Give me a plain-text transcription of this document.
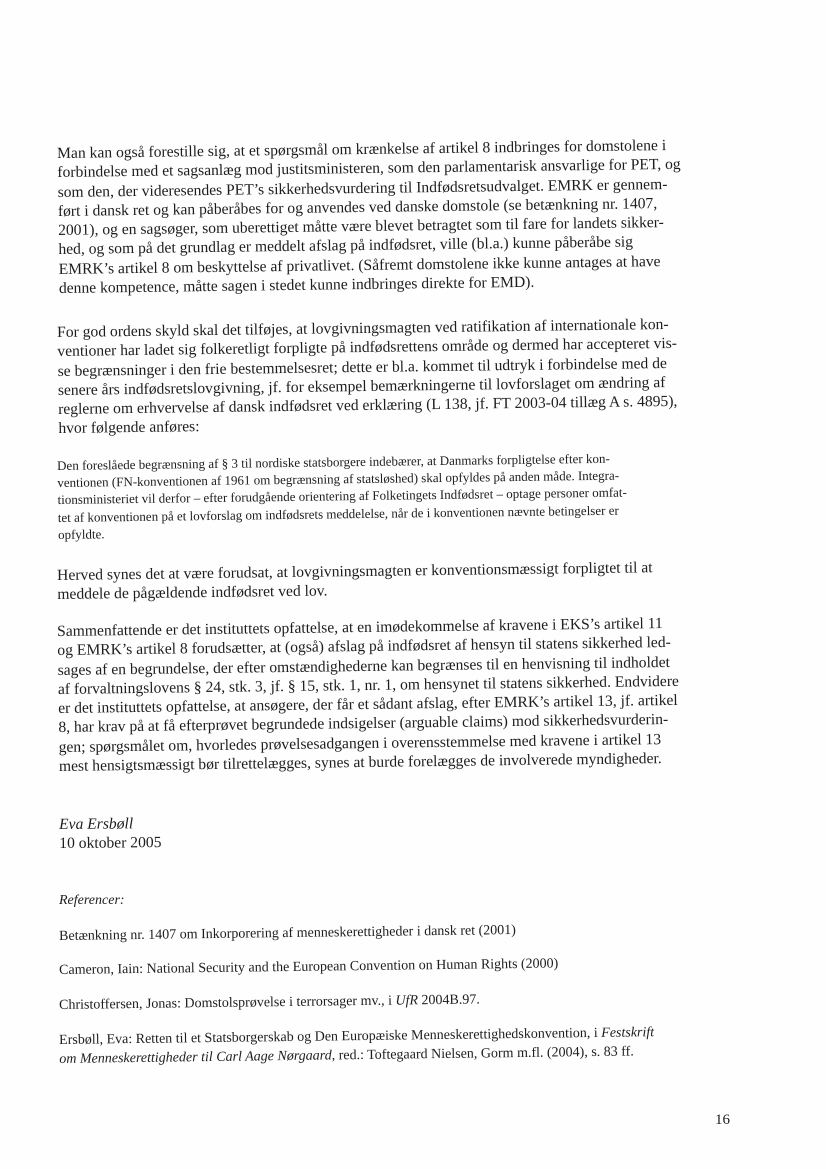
Man kan også forestille sig, at et spørgsmål om krænkelse af artikel 8 indbringes for domstolene i
forbindelse med et sagsanlæg mod justitsministeren, som den parlamentarisk ansvarlige for PET, og
som den, der videresendes PET’s sikkerhedsvurdering til Indfødsretsudvalget. EMRK er gennem-
ført i dansk ret og kan påberåbes for og anvendes ved danske domstole (se betænkning nr. 1407,
2001), og en sagsøger, som uberettiget måtte være blevet betragtet som til fare for landets sikker-
hed, og som på det grundlag er meddelt afslag på indfødsret, ville (bl.a.) kunne påberåbe sig
EMRK’s artikel 8 om beskyttelse af privatlivet. (Såfremt domstolene ikke kunne antages at have
denne kompetence, måtte sagen i stedet kunne indbringes direkte for EMD).

For god ordens skyld skal det tilføjes, at lovgivningsmagten ved ratifikation af internationale kon-
ventioner har ladet sig folkeretligt forpligte på indfødsrettens område og dermed har accepteret vis-
se begrænsninger i den frie bestemmelsesret; dette er bl.a. kommet til udtryk i forbindelse med de
senere års indfødsretslovgivning, jf. for eksempel bemærkningerne til lovforslaget om ændring af
reglerne om erhvervelse af dansk indfødsret ved erklæring (L 138, jf. FT 2003-04 tillæg A s. 4895),
hvor følgende anføres:

Den foreslåede begrænsning af § 3 til nordiske statsborgere indebærer, at Danmarks forpligtelse efter kon-
ventionen (FN-konventionen af 1961 om begrænsning af statsløshed) skal opfyldes på anden måde. Integra-
tionsministeriet vil derfor – efter forudgående orientering af Folketingets Indfødsret – optage personer omfat-
tet af konventionen på et lovforslag om indfødsrets meddelelse, når de i konventionen nævnte betingelser er
opfyldte.

Herved synes det at være forudsat, at lovgivningsmagten er konventionsmæssigt forpligtet til at
meddele de pågældende indfødsret ved lov.

Sammenfattende er det instituttets opfattelse, at en imødekommelse af kravene i EKS’s artikel 11
og EMRK’s artikel 8 forudsætter, at (også) afslag på indfødsret af hensyn til statens sikkerhed led-
sages af en begrundelse, der efter omstændighederne kan begrænses til en henvisning til indholdet
af forvaltningslovens § 24, stk. 3, jf. § 15, stk. 1, nr. 1, om hensynet til statens sikkerhed. Endvidere
er det instituttets opfattelse, at ansøgere, der får et sådant afslag, efter EMRK’s artikel 13, jf. artikel
8, har krav på at få efterprøvet begrundede indsigelser (arguable claims) mod sikkerhedsvurderin-
gen; spørgsmålet om, hvorledes prøvelsesadgangen i overensstemmelse med kravene i artikel 13
mest hensigtsmæssigt bør tilrettelægges, synes at burde forelægges de involverede myndigheder.

Eva Ersbøll
10 oktober 2005

Referencer:

Betænkning nr. 1407 om Inkorporering af menneskerettigheder i dansk ret (2001)

Cameron, Iain: National Security and the European Convention on Human Rights (2000)

Christoffersen, Jonas: Domstolsprøvelse i terrorsager mv., i UfR 2004B.97.

Ersbøll, Eva: Retten til et Statsborgerskab og Den Europæiske Menneskerettighedskonvention, i Festskrift
om Menneskerettigheder til Carl Aage Nørgaard, red.: Toftegaard Nielsen, Gorm m.fl. (2004), s. 83 ff.

16
